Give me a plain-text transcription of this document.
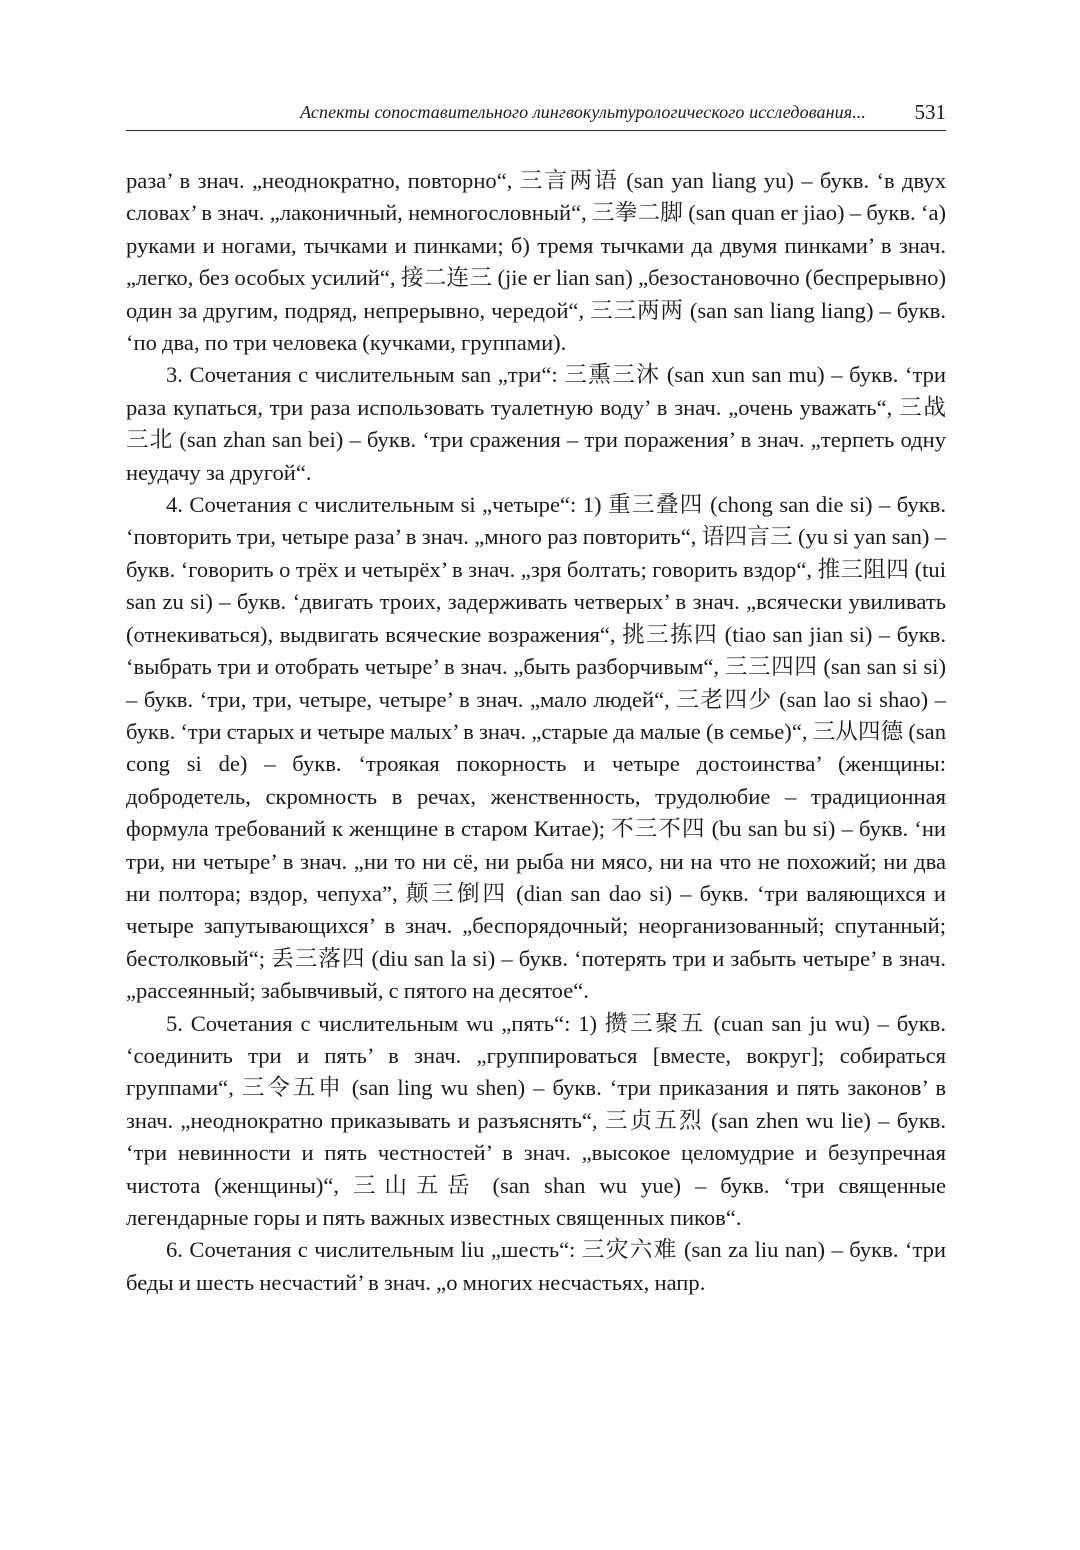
Аспекты сопоставительного лингвокультурологического исследования... 531

раза’ в знач. „неоднократно, повторно“, 三言两语 (san yan liang yu) – букв. ‘в двух словах’ в знач. „лаконичный, немногословный“, 三拳二脚 (san quan er jiao) – букв. ‘а) руками и ногами, тычками и пинками; б) тремя тычками да двумя пинками’ в знач. „легко, без особых усилий“, 接二连三 (jie er lian san) „безостановочно (беспрерывно) один за другим, подряд, непрерывно, чередой“, 三三两两 (san san liang liang) – букв. ‘по два, по три человека (кучками, группами).

3. Сочетания с числительным san „три“: 三熏三沐 (san xun san mu) – букв. ‘три раза купаться, три раза использовать туалетную воду’ в знач. „очень уважать“, 三战三北 (san zhan san bei) – букв. ‘три сражения – три поражения’ в знач. „терпеть одну неудачу за другой“.

4. Сочетания с числительным si „четыре“: 1) 重三叠四 (chong san die si) – букв. ‘повторить три, четыре раза’ в знач. „много раз повторить“, 语四言三 (yu si yan san) – букв. ‘говорить о трёх и четырёх’ в знач. „зря болтать; говорить вздор“, 推三阻四 (tui san zu si) – букв. ‘двигать троих, задерживать четверых’ в знач. „всячески увиливать (отнекиваться), выдвигать всяческие возражения“, 挑三拣四 (tiao san jian si) – букв. ‘выбрать три и отобрать четыре’ в знач. „быть разборчивым“, 三三四四 (san san si si) – букв. ‘три, три, четыре, четыре’ в знач. „мало людей“, 三老四少 (san lao si shao) – букв. ‘три старых и четыре малых’ в знач. „старые да малые (в семье)“, 三从四德 (san cong si de) – букв. ‘троякая покорность и четыре достоинства’ (женщины: добродетель, скромность в речах, женственность, трудолюбие – традиционная формула требований к женщине в старом Китае); 不三不四 (bu san bu si) – букв. ‘ни три, ни четыре’ в знач. „ни то ни сё, ни рыба ни мясо, ни на что не похожий; ни два ни полтора; вздор, чепуха”, 颠三倒四 (dian san dao si) – букв. ‘три валяющихся и четыре запутывающихся’ в знач. „беспорядочный; неорганизованный; спутанный; бестолковый“; 丢三落四 (diu san la si) – букв. ‘потерять три и забыть четыре’ в знач. „рассеянный; забывчивый, с пятого на десятое“.

5. Сочетания с числительным wu „пять“: 1) 攒三聚五 (cuan san ju wu) – букв. ‘соединить три и пять’ в знач. „группироваться [вместе, вокруг]; собираться группами“, 三令五申 (san ling wu shen) – букв. ‘три приказания и пять законов’ в знач. „неоднократно приказывать и разъяснять“, 三贞五烈 (san zhen wu lie) – букв. ‘три невинности и пять честностей’ в знач. „высокое целомудрие и безупречная чистота (женщины)“, 三山五岳 (san shan wu yue) – букв. ‘три священные легендарные горы и пять важных известных священных пиков“.

6. Сочетания с числительным liu „шесть“: 三灾六难 (san za liu nan) – букв. ‘три беды и шесть несчастий’ в знач. „о многих несчастьях, напр.
